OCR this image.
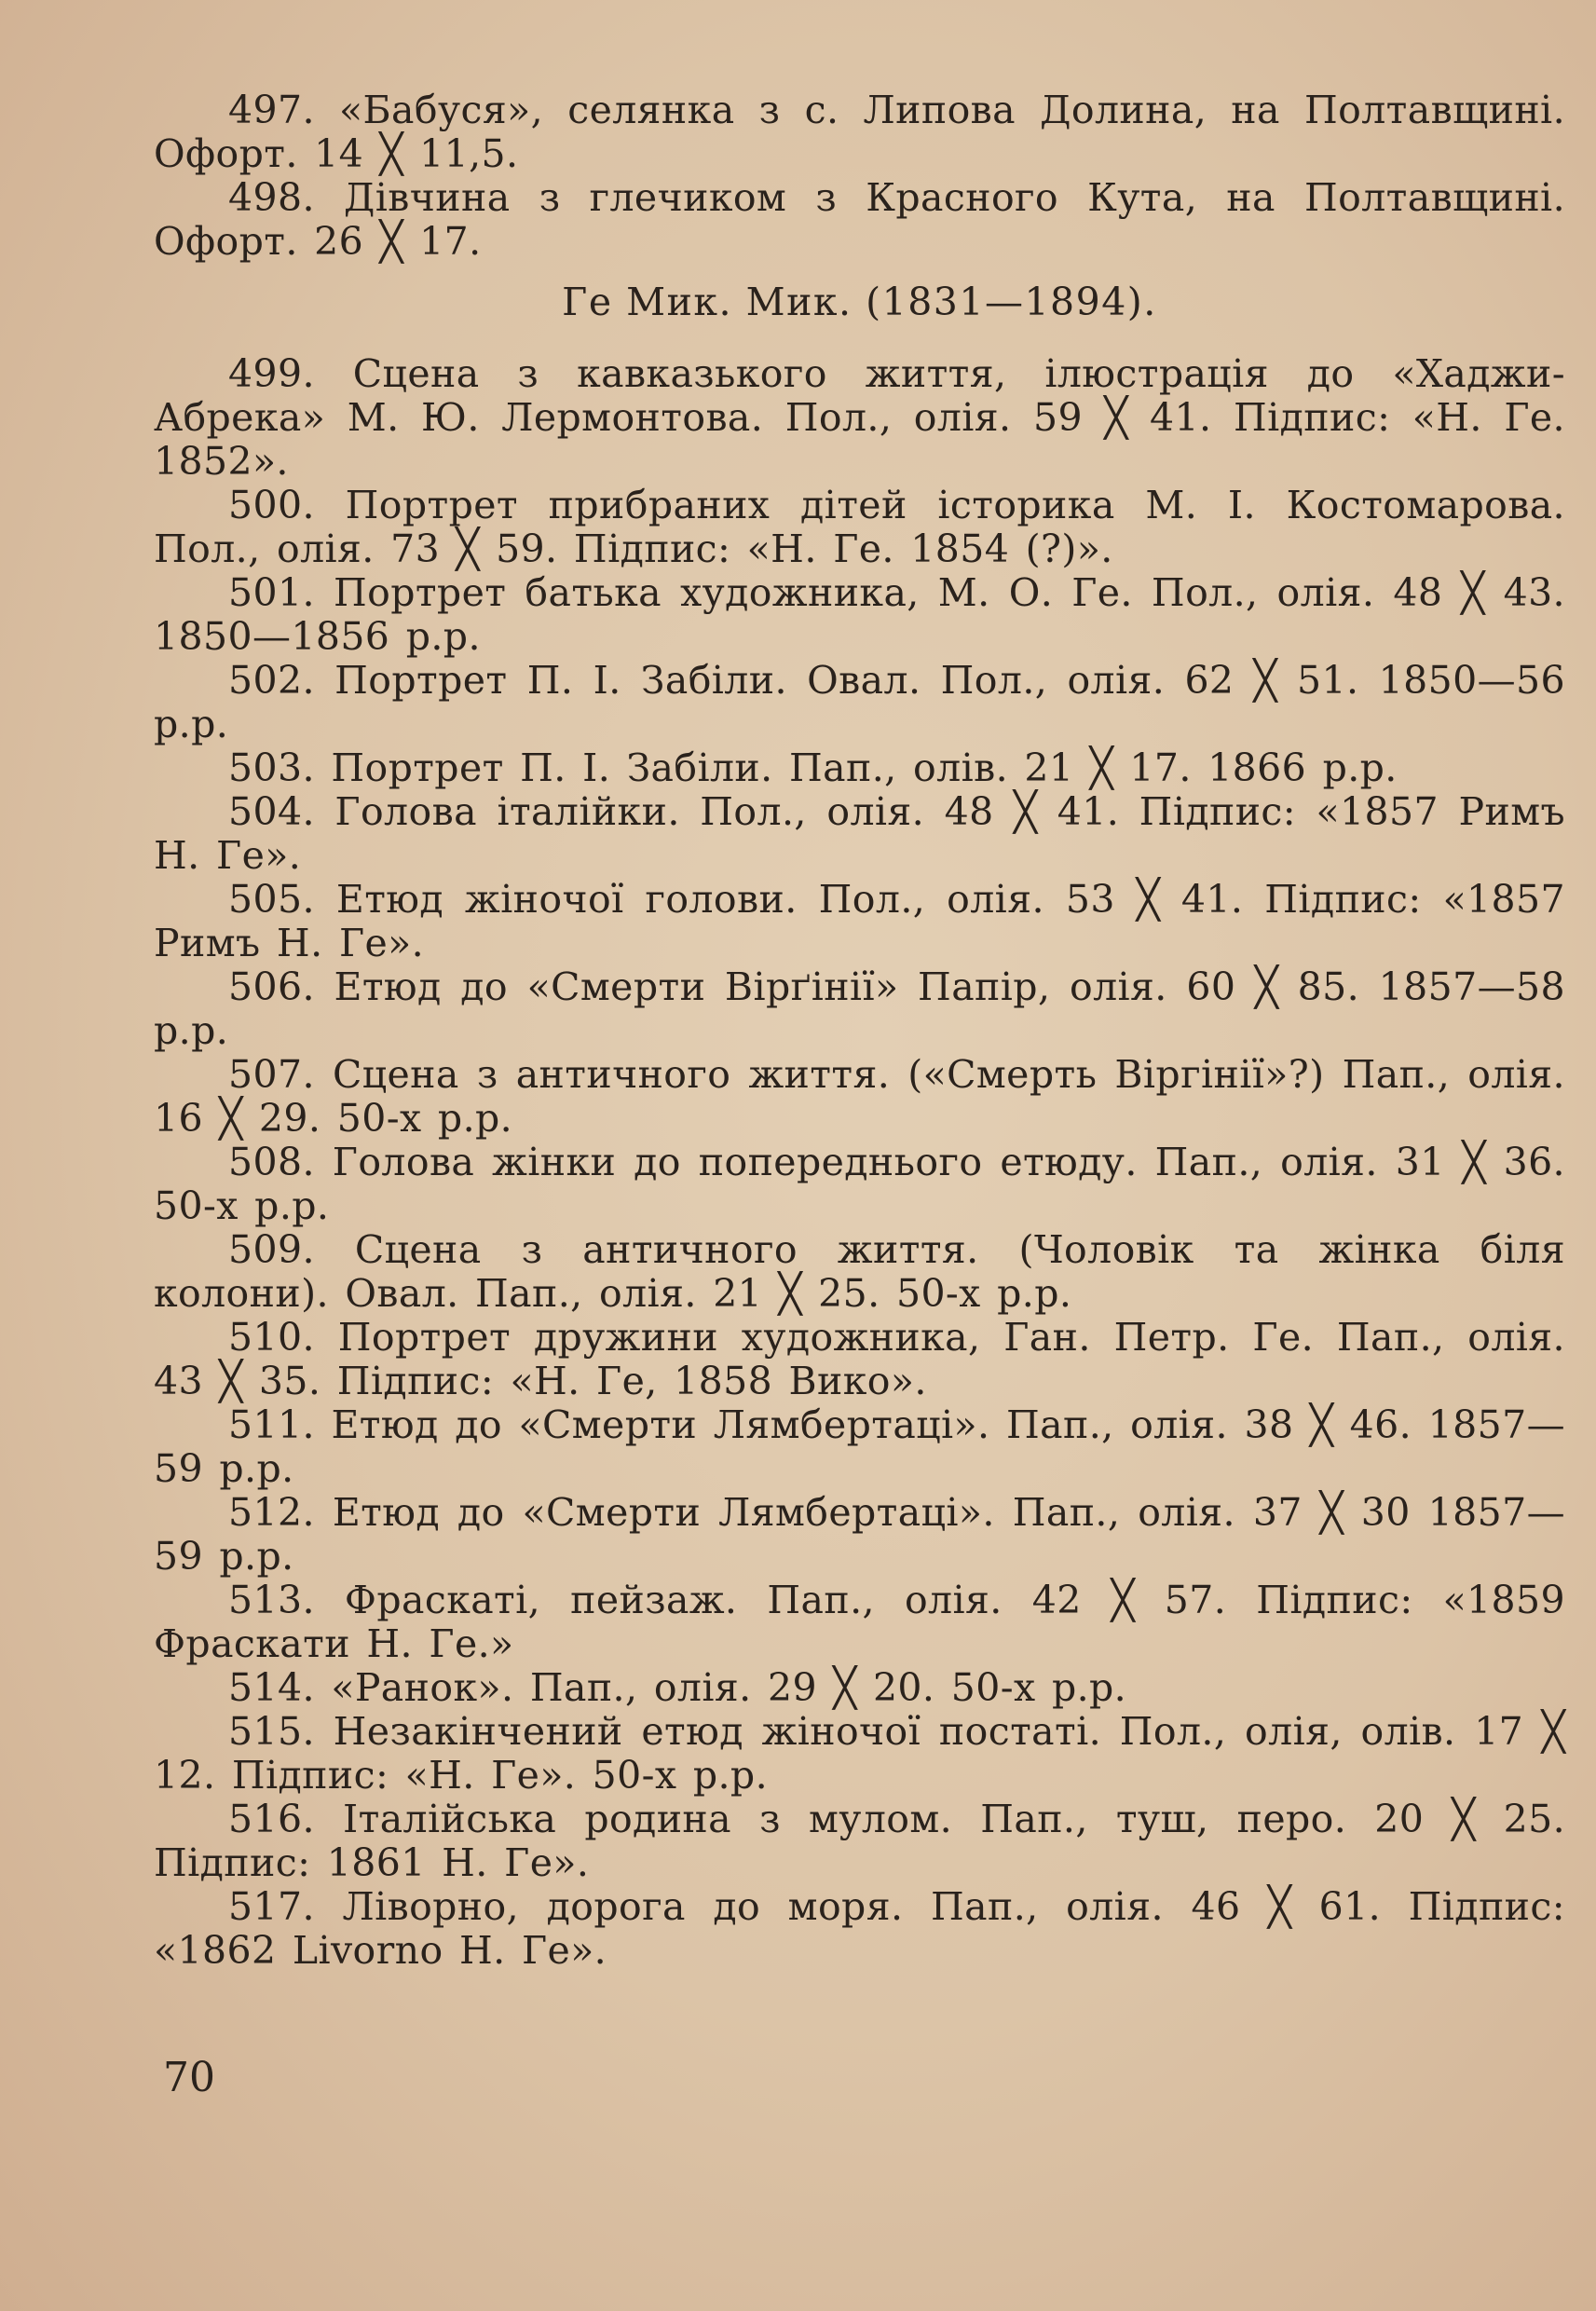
497. «Бабуся», селянка з с. Липова Долина, на Полтавщині. Офорт. 14 ╳ 11,5.

498. Дівчина з глечиком з Красного Кута, на Полтавщині. Офорт. 26 ╳ 17.

Ге Мик. Мик. (1831—1894).

499. Сцена з кавказького життя, ілюстрація до «Хаджи-Абрека» М. Ю. Лермонтова. Пол., олія. 59 ╳ 41. Підпис: «Н. Ге. 1852».

500. Портрет прибраних дітей історика М. І. Костомарова. Пол., олія. 73 ╳ 59. Підпис: «Н. Ге. 1854 (?)».

501. Портрет батька художника, М. О. Ге. Пол., олія. 48 ╳ 43. 1850—1856 р.р.

502. Портрет П. І. Забіли. Овал. Пол., олія. 62 ╳ 51. 1850—56 р.р.

503. Портрет П. І. Забіли. Пап., олів. 21 ╳ 17. 1866 р.р.

504. Голова італійки. Пол., олія. 48 ╳ 41. Підпис: «1857 Римъ Н. Ге».

505. Етюд жіночої голови. Пол., олія. 53 ╳ 41. Підпис: «1857 Римъ Н. Ге».

506. Етюд до «Смерти Вірґінії» Папір, олія. 60 ╳ 85. 1857—58 р.р.

507. Сцена з античного життя. («Смерть Віргінії»?) Пап., олія. 16 ╳ 29. 50-х р.р.

508. Голова жінки до попереднього етюду. Пап., олія. 31 ╳ 36. 50-х р.р.

509. Сцена з античного життя. (Чоловік та жінка біля колони). Овал. Пап., олія. 21 ╳ 25. 50-х р.р.

510. Портрет дружини художника, Ган. Петр. Ге. Пап., олія. 43 ╳ 35. Підпис: «Н. Ге, 1858 Вико».

511. Етюд до «Смерти Лямбертаці». Пап., олія. 38 ╳ 46. 1857—59 р.р.

512. Етюд до «Смерти Лямбертаці». Пап., олія. 37 ╳ 30 1857—59 р.р.

513. Фраскаті, пейзаж. Пап., олія. 42 ╳ 57. Підпис: «1859 Фраскати Н. Ге.»

514. «Ранок». Пап., олія. 29 ╳ 20. 50-х р.р.

515. Незакінчений етюд жіночої постаті. Пол., олія, олів. 17 ╳ 12. Підпис: «Н. Ге». 50-х р.р.

516. Італійська родина з мулом. Пап., туш, перо. 20 ╳ 25. Підпис: 1861 Н. Ге».

517. Ліворно, дорога до моря. Пап., олія. 46 ╳ 61. Підпис: «1862 Livorno Н. Ге».

70
